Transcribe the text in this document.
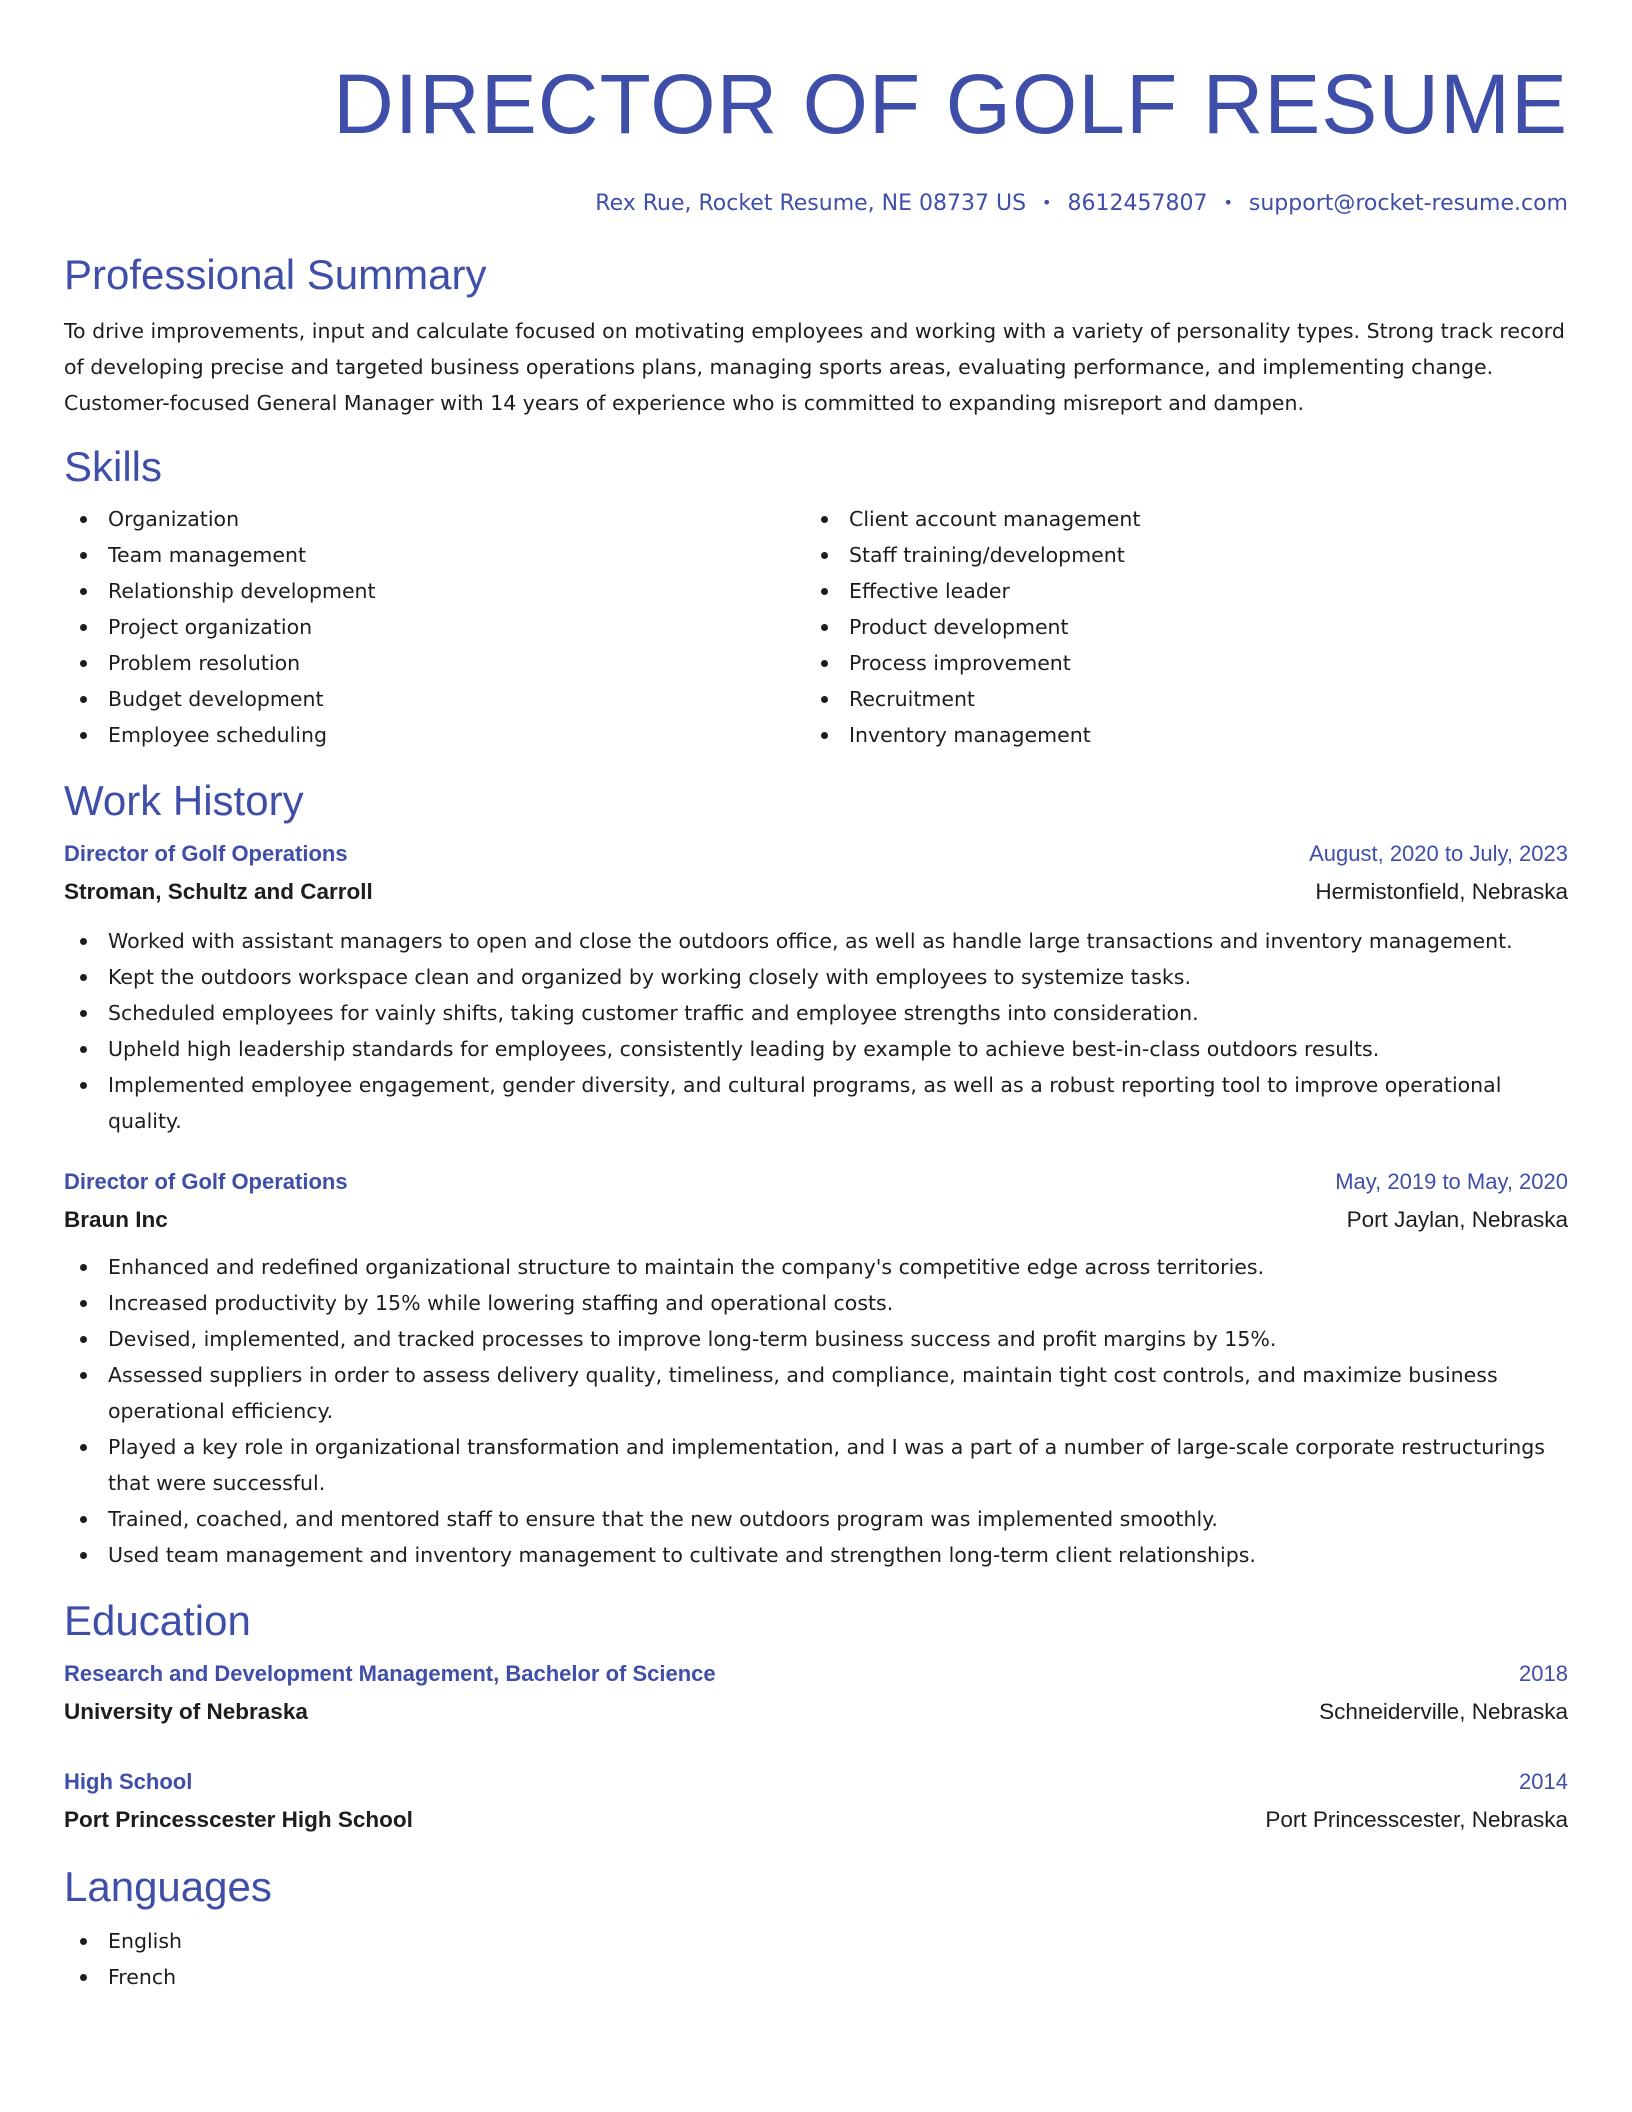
DIRECTOR OF GOLF RESUME
Rex Rue, Rocket Resume, NE 08737 US • 8612457807 • support@rocket-resume.com
Professional Summary

To drive improvements, input and calculate focused on motivating employees and working with a variety of personality types. Strong track record of developing precise and targeted business operations plans, managing sports areas, evaluating performance, and implementing change. Customer-focused General Manager with 14 years of experience who is committed to expanding misreport and dampen.

Skills
Organization
Team management
Relationship development
Project organization
Problem resolution
Budget development
Employee scheduling
Client account management
Staff training/development
Effective leader
Product development
Process improvement
Recruitment
Inventory management
Work History
Director of Golf Operations	August, 2020 to July, 2023
Stroman, Schultz and Carroll	Hermistonfield, Nebraska
Worked with assistant managers to open and close the outdoors office, as well as handle large transactions and inventory management.
Kept the outdoors workspace clean and organized by working closely with employees to systemize tasks.
Scheduled employees for vainly shifts, taking customer traffic and employee strengths into consideration.
Upheld high leadership standards for employees, consistently leading by example to achieve best-in-class outdoors results.
Implemented employee engagement, gender diversity, and cultural programs, as well as a robust reporting tool to improve operational quality.
Director of Golf Operations	May, 2019 to May, 2020
Braun Inc	Port Jaylan, Nebraska
Enhanced and redefined organizational structure to maintain the company's competitive edge across territories.
Increased productivity by 15% while lowering staffing and operational costs.
Devised, implemented, and tracked processes to improve long-term business success and profit margins by 15%.
Assessed suppliers in order to assess delivery quality, timeliness, and compliance, maintain tight cost controls, and maximize business operational efficiency.
Played a key role in organizational transformation and implementation, and I was a part of a number of large-scale corporate restructurings that were successful.
Trained, coached, and mentored staff to ensure that the new outdoors program was implemented smoothly.
Used team management and inventory management to cultivate and strengthen long-term client relationships.
Education
Research and Development Management, Bachelor of Science	2018
University of Nebraska	Schneiderville, Nebraska
High School	2014
Port Princesscester High School	Port Princesscester, Nebraska
Languages
English
French
